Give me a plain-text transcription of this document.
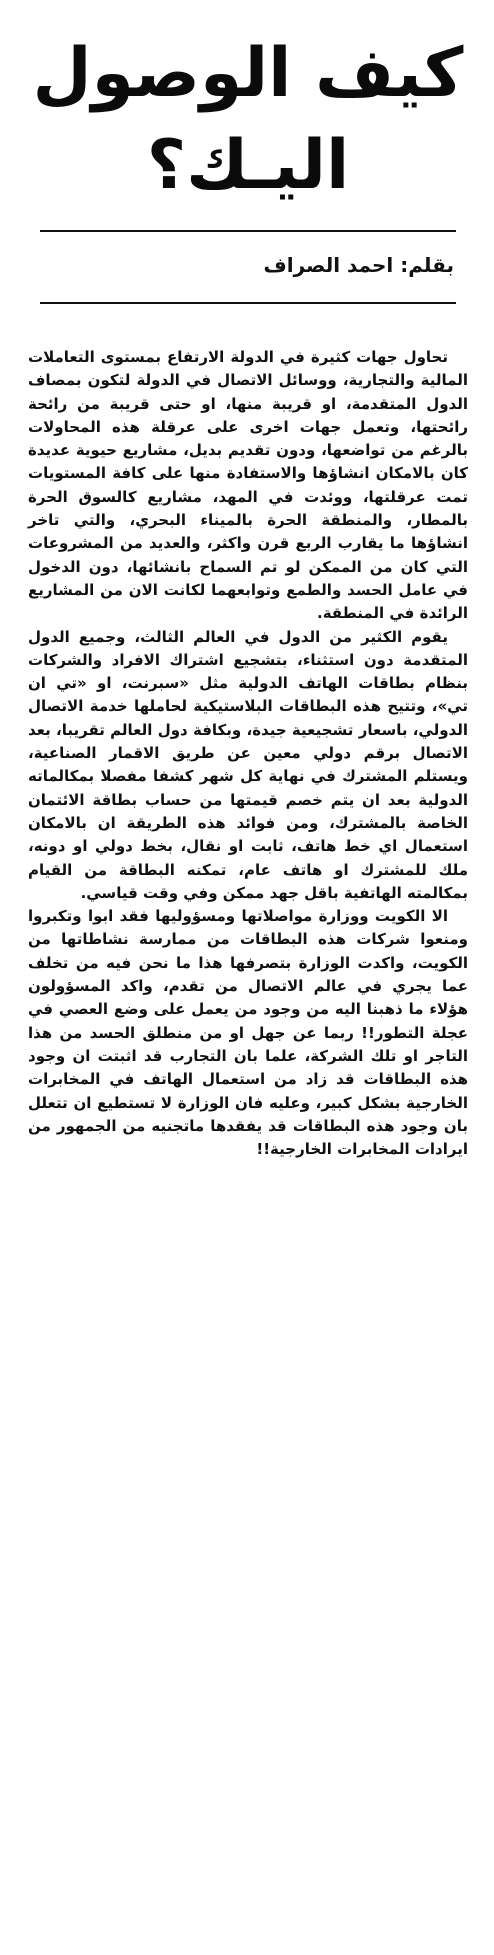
كيف الوصول
اليـك؟
بقلم: احمد الصراف

تحاول جهات كثيرة في الدولة الارتفاع بمستوى التعاملات المالية والتجارية، ووسائل الاتصال في الدولة لتكون بمصاف الدول المتقدمة، او قريبة منها، او حتى قريبة من رائحة رائحتها، وتعمل جهات اخرى على عرقلة هذه المحاولات بالرغم من تواضعها، ودون تقديم بديل، مشاريع حيوية عديدة كان بالامكان انشاؤها والاستفادة منها على كافة المستويات تمت عرقلتها، ووئدت في المهد، مشاريع كالسوق الحرة بالمطار، والمنطقة الحرة بالميناء البحري، والتي تاخر انشاؤها ما يقارب الربع قرن واكثر، والعديد من المشروعات التي كان من الممكن لو تم السماح بانشائها، دون الدخول في عامل الحسد والطمع وتوابعهما لكانت الان من المشاريع الرائدة في المنطقة.

يقوم الكثير من الدول في العالم الثالث، وجميع الدول المتقدمة دون استثناء، بتشجيع اشتراك الافراد والشركات بنظام بطاقات الهاتف الدولية مثل «سبرنت، او «تي ان تي»، وتتيح هذه البطاقات البلاستيكية لحاملها خدمة الاتصال الدولي، باسعار تشجيعية جيدة، وبكافة دول العالم تقريبا، بعد الاتصال برقم دولي معين عن طريق الاقمار الصناعية، ويستلم المشترك في نهاية كل شهر كشفا مفصلا بمكالماته الدولية بعد ان يتم خصم قيمتها من حساب بطاقة الائتمان الخاصة بالمشترك، ومن فوائد هذه الطريقة ان بالامكان استعمال اي خط هاتف، ثابت او نقال، بخط دولي او دونه، ملك للمشترك او هاتف عام، تمكنه البطاقة من القيام بمكالمته الهاتفية باقل جهد ممكن وفي وقت قياسي.

الا الكويت ووزارة مواصلاتها ومسؤوليها فقد ابوا وتكبروا ومنعوا شركات هذه البطاقات من ممارسة نشاطاتها من الكويت، واكدت الوزارة بتصرفها هذا ما نحن فيه من تخلف عما يجري في عالم الاتصال من تقدم، واكد المسؤولون هؤلاء ما ذهبنا اليه من وجود من يعمل على وضع العصي في عجلة التطور!! ربما عن جهل او من منطلق الحسد من هذا التاجر او تلك الشركة، علما بان التجارب قد اثبتت ان وجود هذه البطاقات قد زاد من استعمال الهاتف في المخابرات الخارجية بشكل كبير، وعليه فان الوزارة لا تستطيع ان تتعلل بان وجود هذه البطاقات قد يفقدها ماتجنيه من الجمهور من ايرادات المخابرات الخارجية!!
